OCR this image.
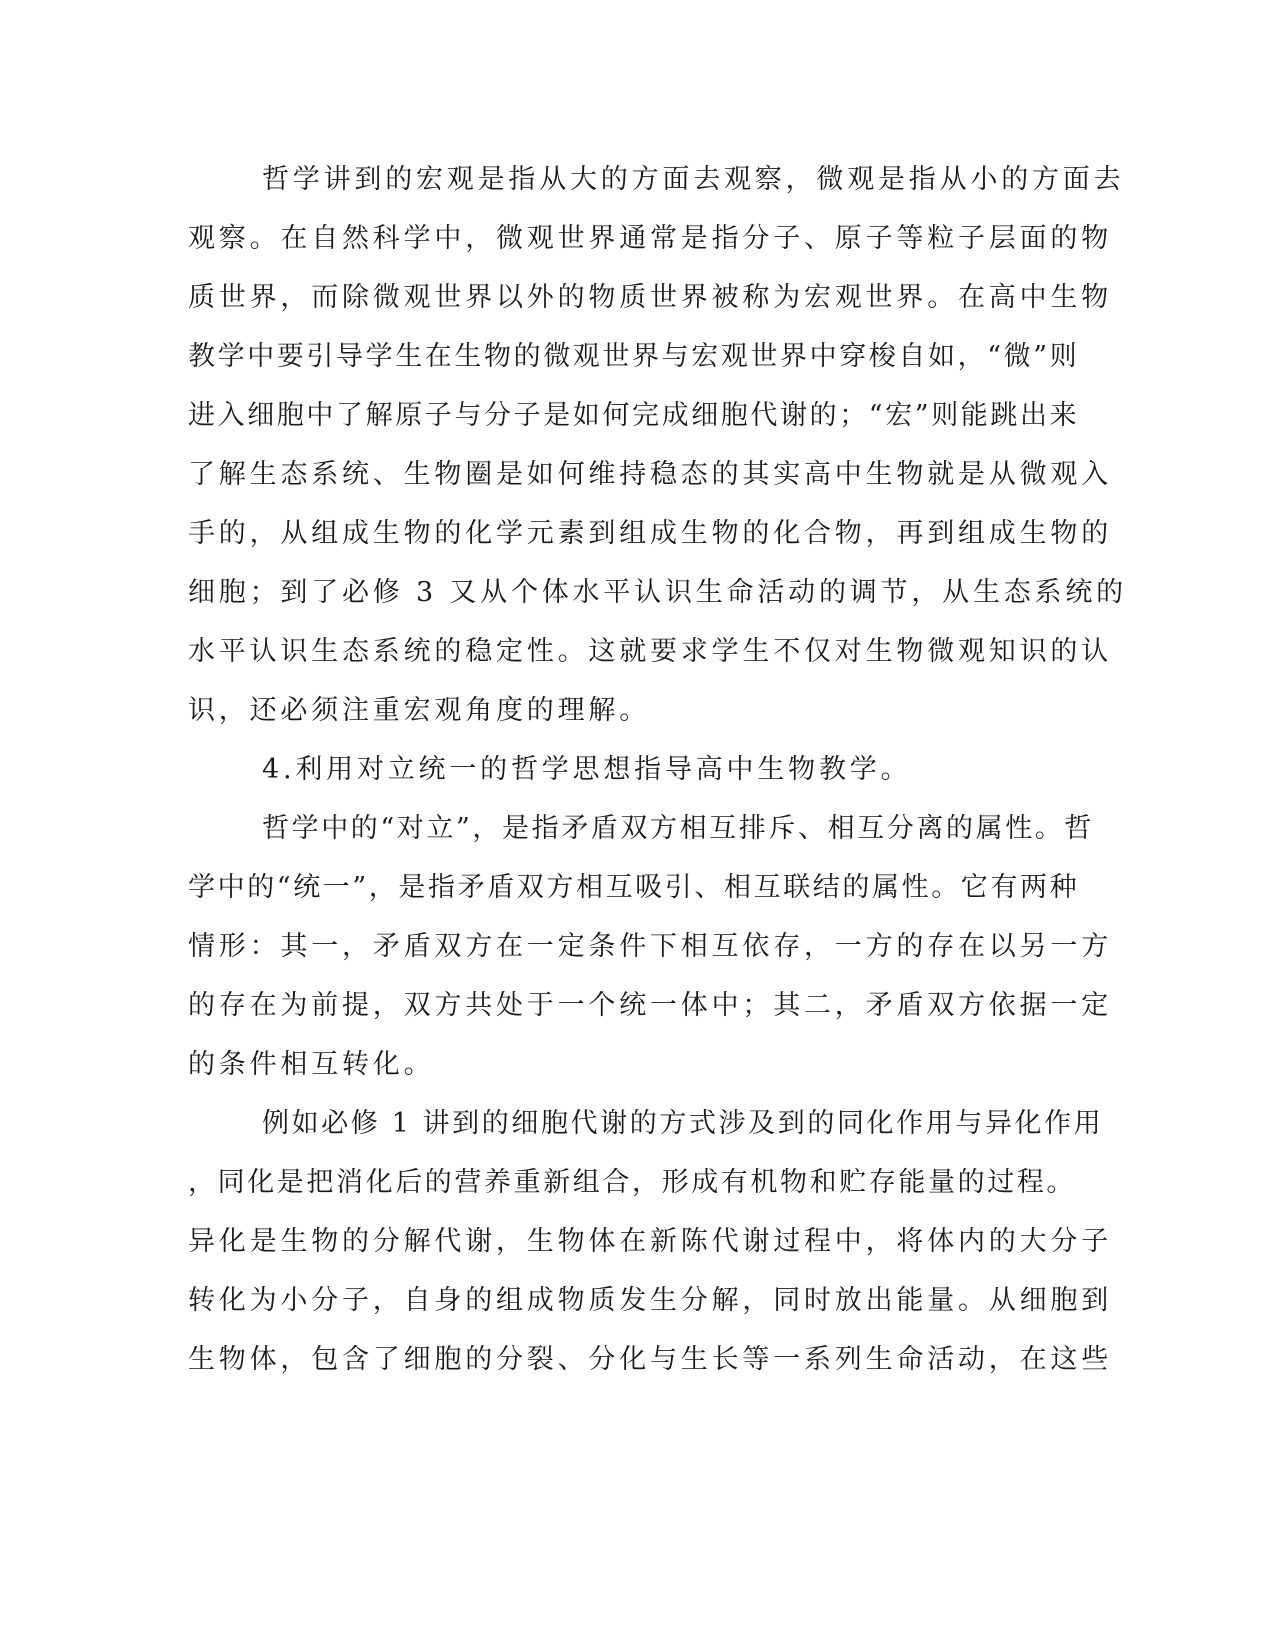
哲学讲到的宏观是指从大的方面去观察，微观是指从小的方面去
观察。在自然科学中，微观世界通常是指分子、原子等粒子层面的物
质世界，而除微观世界以外的物质世界被称为宏观世界。在高中生物
教学中要引导学生在生物的微观世界与宏观世界中穿梭自如，“微”则
进入细胞中了解原子与分子是如何完成细胞代谢的；“宏”则能跳出来
了解生态系统、生物圈是如何维持稳态的其实高中生物就是从微观入
手的，从组成生物的化学元素到组成生物的化合物，再到组成生物的
细胞；到了必修 3 又从个体水平认识生命活动的调节，从生态系统的
水平认识生态系统的稳定性。这就要求学生不仅对生物微观知识的认
识，还必须注重宏观角度的理解。
4.利用对立统一的哲学思想指导高中生物教学。
哲学中的“对立”，是指矛盾双方相互排斥、相互分离的属性。哲
学中的“统一”，是指矛盾双方相互吸引、相互联结的属性。它有两种
情形：其一，矛盾双方在一定条件下相互依存，一方的存在以另一方
的存在为前提，双方共处于一个统一体中；其二，矛盾双方依据一定
的条件相互转化。
例如必修 1 讲到的细胞代谢的方式涉及到的同化作用与异化作用
，同化是把消化后的营养重新组合，形成有机物和贮存能量的过程。
异化是生物的分解代谢，生物体在新陈代谢过程中，将体内的大分子
转化为小分子，自身的组成物质发生分解，同时放出能量。从细胞到
生物体，包含了细胞的分裂、分化与生长等一系列生命活动，在这些
